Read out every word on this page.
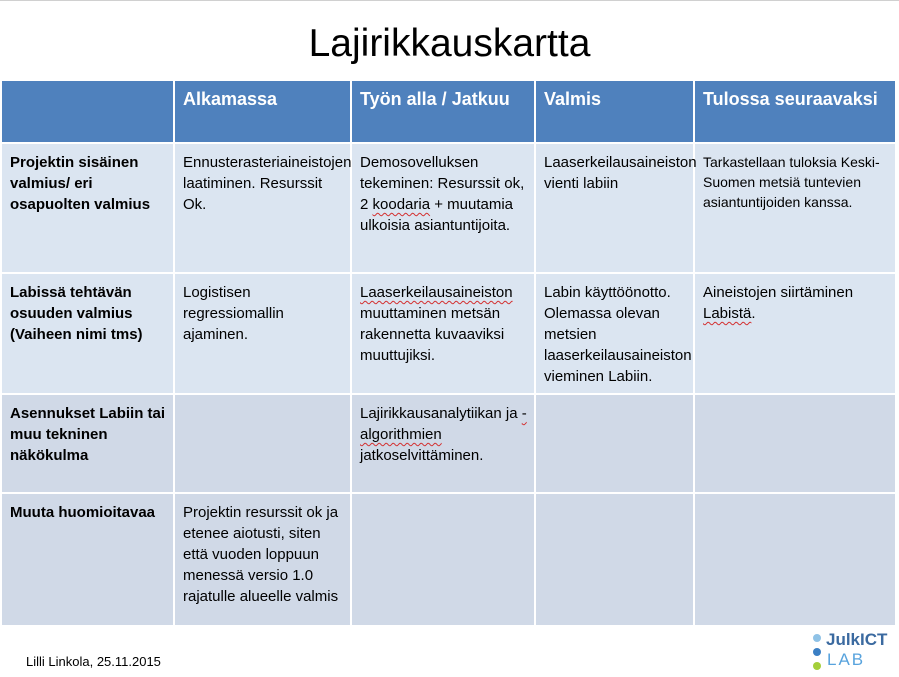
Lajirikkauskartta
	Alkamassa	Työn alla / Jatkuu	Valmis	Tulossa seuraavaksi
Projektin sisäinen valmius/ eri osapuolten valmius	Ennusterasteriaineistojen laatiminen. Resurssit Ok.	Demosovelluksen tekeminen: Resurssit ok, 2 koodaria + muutamia ulkoisia asiantuntijoita.	Laaserkeilausaineiston vienti labiin	Tarkastellaan tuloksia Keski-Suomen metsiä tuntevien asiantuntijoiden kanssa.
Labissä tehtävän osuuden valmius (Vaiheen nimi tms)	Logistisen regressiomallin ajaminen.	Laaserkeilausaineiston muuttaminen metsän rakennetta kuvaaviksi muuttujiksi.	Labin käyttöönotto. Olemassa olevan metsien laaserkeilausaineiston vieminen Labiin.	Aineistojen siirtäminen Labistä.
Asennukset Labiin tai muu tekninen näkökulma		Lajirikkausanalytiikan ja -algorithmien jatkoselvittäminen.		
Muuta huomioitavaa	Projektin resurssit ok ja etenee aiotusti, siten että vuoden loppuun menessä versio 1.0 rajatulle alueelle valmis			
Lilli Linkola, 25.11.2015
JulkICT
LAB
